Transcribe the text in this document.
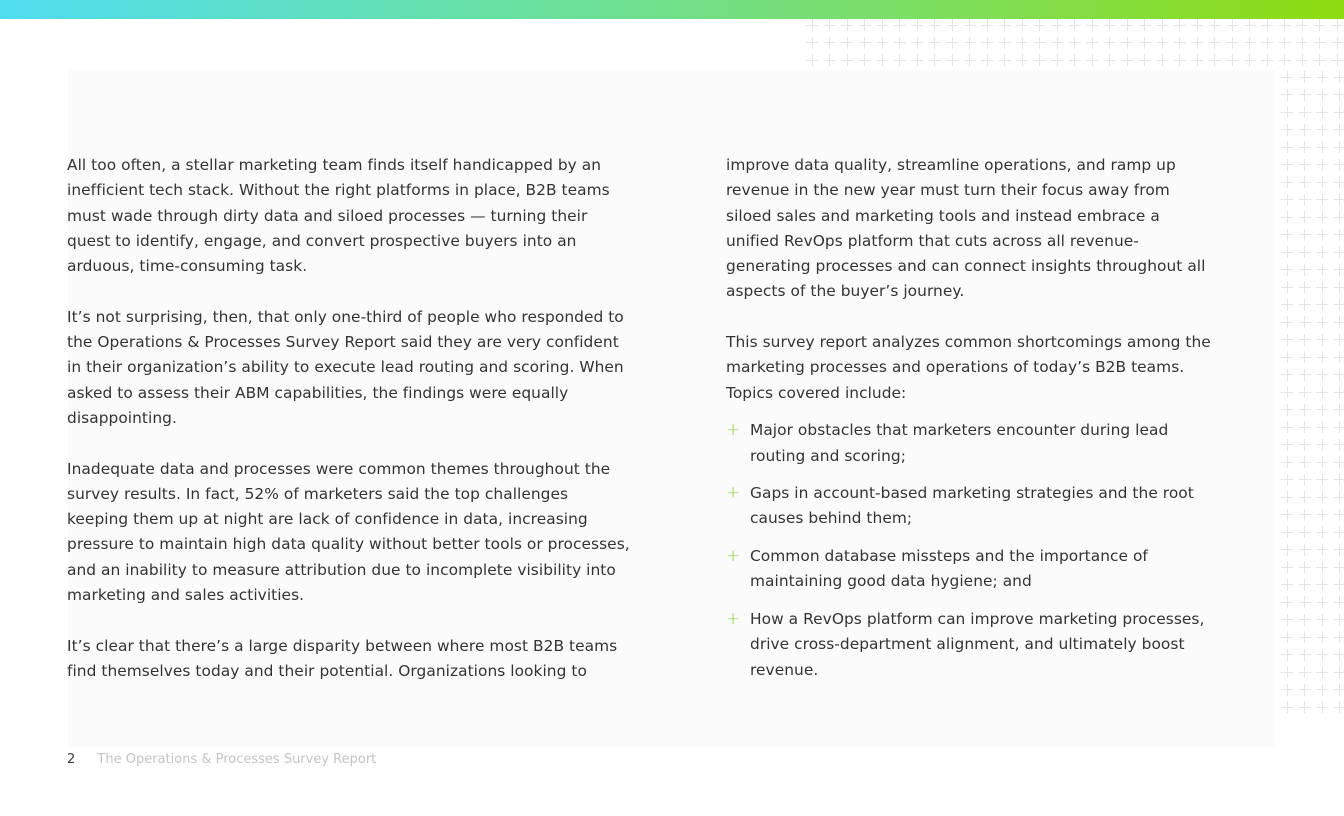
All too often, a stellar marketing team finds itself handicapped by an inefficient tech stack. Without the right platforms in place, B2B teams must wade through dirty data and siloed processes — turning their quest to identify, engage, and convert prospective buyers into an arduous, time-consuming task.

It’s not surprising, then, that only one-third of people who responded to the Operations & Processes Survey Report said they are very confident in their organization’s ability to execute lead routing and scoring. When asked to assess their ABM capabilities, the findings were equally disappointing.

Inadequate data and processes were common themes throughout the survey results. In fact, 52% of marketers said the top challenges keeping them up at night are lack of confidence in data, increasing pressure to maintain high data quality without better tools or processes, and an inability to measure attribution due to incomplete visibility into marketing and sales activities.

It’s clear that there’s a large disparity between where most B2B teams find themselves today and their potential. Organizations looking to

improve data quality, streamline operations, and ramp up revenue in the new year must turn their focus away from siloed sales and marketing tools and instead embrace a unified RevOps platform that cuts across all revenue-generating processes and can connect insights throughout all aspects of the buyer’s journey.

This survey report analyzes common shortcomings among the marketing processes and operations of today’s B2B teams. Topics covered include:

+ Major obstacles that marketers encounter during lead routing and scoring;
+ Gaps in account-based marketing strategies and the root causes behind them;
+ Common database missteps and the importance of maintaining good data hygiene; and
+ How a RevOps platform can improve marketing processes, drive cross-department alignment, and ultimately boost revenue.
2 The Operations & Processes Survey Report
